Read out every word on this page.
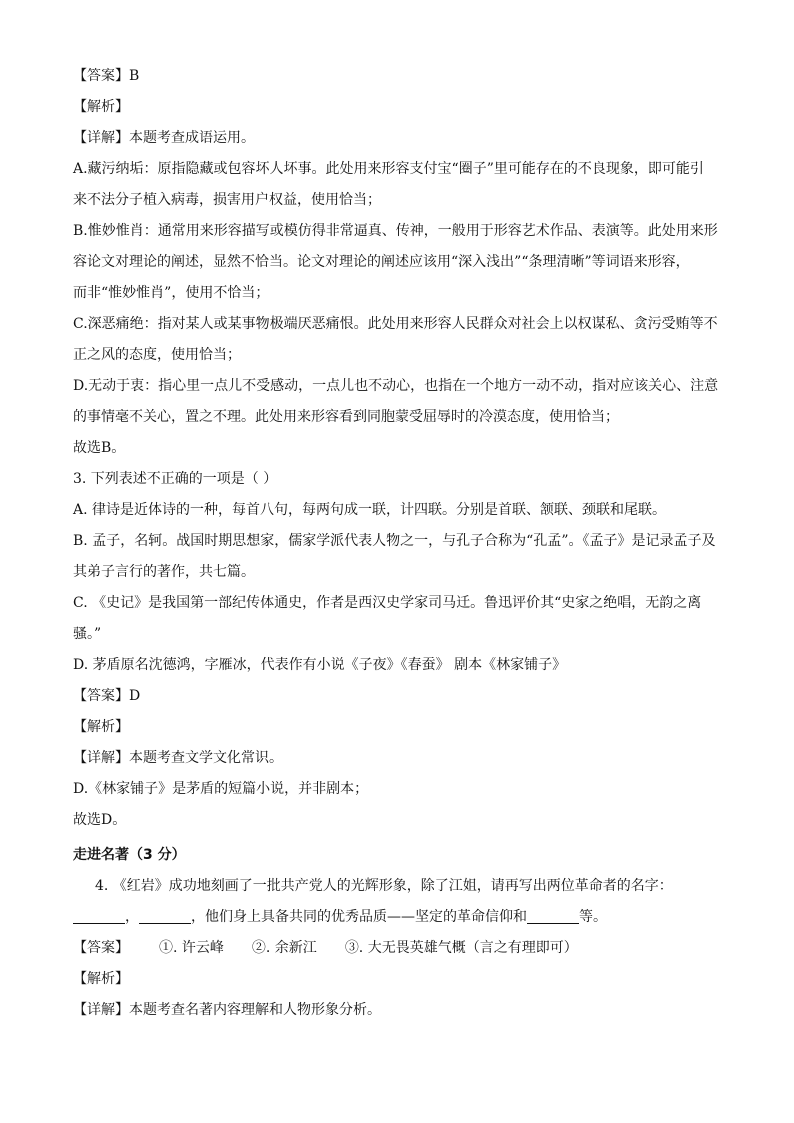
【答案】B
【解析】
【详解】本题考查成语运用。
A.藏污纳垢：原指隐藏或包容坏人坏事。此处用来形容支付宝“圈子”里可能存在的不良现象，即可能引
来不法分子植入病毒，损害用户权益，使用恰当；
B.惟妙惟肖：通常用来形容描写或模仿得非常逼真、传神，一般用于形容艺术作品、表演等。此处用来形
容论文对理论的阐述，显然不恰当。论文对理论的阐述应该用“深入浅出”“条理清晰”等词语来形容，
而非“惟妙惟肖”，使用不恰当；
C.深恶痛绝：指对某人或某事物极端厌恶痛恨。此处用来形容人民群众对社会上以权谋私、贪污受贿等不
正之风的态度，使用恰当；
D.无动于衷：指心里一点儿不受感动，一点儿也不动心，也指在一个地方一动不动，指对应该关心、注意
的事情毫不关心，置之不理。此处用来形容看到同胞蒙受屈辱时的冷漠态度，使用恰当；
故选B。
3. 下列表述不正确的一项是（ ）
A. 律诗是近体诗的一种，每首八句，每两句成一联，计四联。分别是首联、颔联、颈联和尾联。
B. 孟子，名轲。战国时期思想家，儒家学派代表人物之一，与孔子合称为“孔孟”。《孟子》是记录孟子及
其弟子言行的著作，共七篇。
C. 《史记》是我国第一部纪传体通史，作者是西汉史学家司马迁。鲁迅评价其“史家之绝唱，无韵之离
骚。”
D. 茅盾原名沈德鸿，字雁冰，代表作有小说《子夜》《春蚕》 剧本《林家铺子》
【答案】D
【解析】
【详解】本题考查文学文化常识。
D.《林家铺子》是茅盾的短篇小说，并非剧本；
故选D。
走进名著（3 分）
4. 《红岩》成功地刻画了一批共产党人的光辉形象，除了江姐，请再写出两位革命者的名字：
，	，他们身上具备共同的优秀品质——坚定的革命信仰和	等。
【答案】 ①. 许云峰 ②. 余新江 ③. 大无畏英雄气概（言之有理即可）
【解析】
【详解】本题考查名著内容理解和人物形象分析。
